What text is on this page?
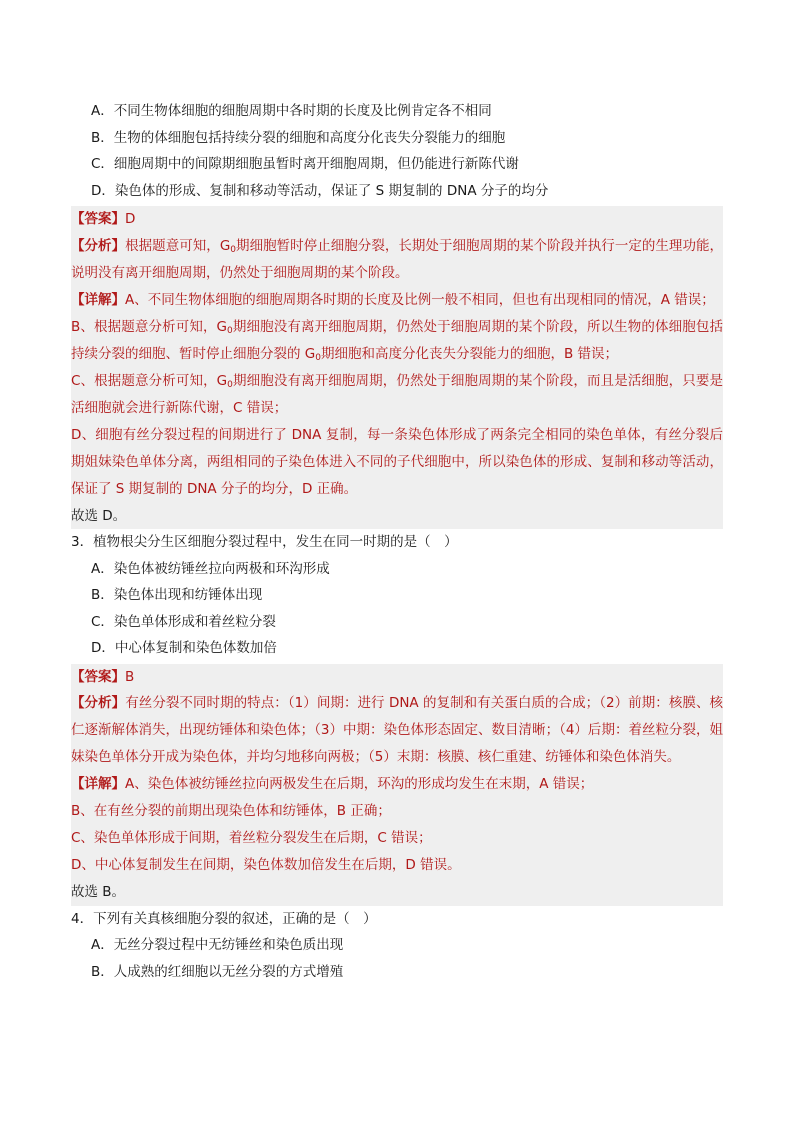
A．不同生物体细胞的细胞周期中各时期的长度及比例肯定各不相同
B．生物的体细胞包括持续分裂的细胞和高度分化丧失分裂能力的细胞
C．细胞周期中的间隙期细胞虽暂时离开细胞周期，但仍能进行新陈代谢
D．染色体的形成、复制和移动等活动，保证了 S 期复制的 DNA 分子的均分
【答案】D
【分析】根据题意可知，$G_0$期细胞暂时停止细胞分裂，长期处于细胞周期的某个阶段并执行一定的生理功能，说明没有离开细胞周期，仍然处于细胞周期的某个阶段。
【详解】A、不同生物体细胞的细胞周期各时期的长度及比例一般不相同，但也有出现相同的情况，A 错误；
B、根据题意分析可知，$G_0$期细胞没有离开细胞周期，仍然处于细胞周期的某个阶段，所以生物的体细胞包括持续分裂的细胞、暂时停止细胞分裂的 $G_0$期细胞和高度分化丧失分裂能力的细胞，B 错误；
C、根据题意分析可知，$G_0$期细胞没有离开细胞周期，仍然处于细胞周期的某个阶段，而且是活细胞，只要是活细胞就会进行新陈代谢，C 错误；
D、细胞有丝分裂过程的间期进行了 DNA 复制，每一条染色体形成了两条完全相同的染色单体，有丝分裂后期姐妹染色单体分离，两组相同的子染色体进入不同的子代细胞中，所以染色体的形成、复制和移动等活动，保证了 S 期复制的 DNA 分子的均分，D 正确。
故选 D。
3．植物根尖分生区细胞分裂过程中，发生在同一时期的是（　）
A．染色体被纺锤丝拉向两极和环沟形成
B．染色体出现和纺锤体出现
C．染色单体形成和着丝粒分裂
D．中心体复制和染色体数加倍
【答案】B
【分析】有丝分裂不同时期的特点：（1）间期：进行 DNA 的复制和有关蛋白质的合成；（2）前期：核膜、核仁逐渐解体消失，出现纺锤体和染色体；（3）中期：染色体形态固定、数目清晰；（4）后期：着丝粒分裂，姐妹染色单体分开成为染色体，并均匀地移向两极；（5）末期：核膜、核仁重建、纺锤体和染色体消失。
【详解】A、染色体被纺锤丝拉向两极发生在后期，环沟的形成均发生在末期，A 错误；
B、在有丝分裂的前期出现染色体和纺锤体，B 正确；
C、染色单体形成于间期，着丝粒分裂发生在后期，C 错误；
D、中心体复制发生在间期，染色体数加倍发生在后期，D 错误。
故选 B。
4．下列有关真核细胞分裂的叙述，正确的是（　）
A．无丝分裂过程中无纺锤丝和染色质出现
B．人成熟的红细胞以无丝分裂的方式增殖
